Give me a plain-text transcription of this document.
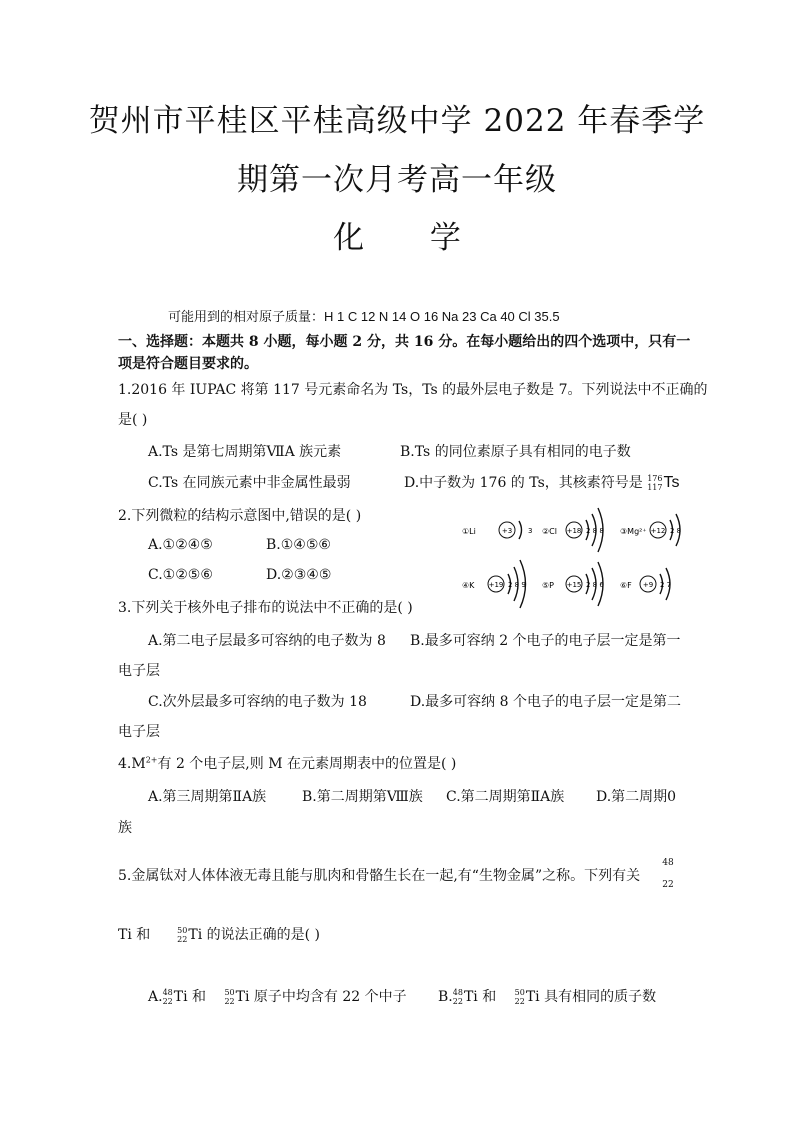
贺州市平桂区平桂高级中学 2022 年春季学
期第一次月考高一年级
化 学
可能用到的相对原子质量：H 1 C 12 N 14 O 16 Na 23 Ca 40 Cl 35.5
一、选择题：本题共 8 小题，每小题 2 分，共 16 分。在每小题给出的四个选项中，只有一
项是符合题目要求的。
1.2016 年 IUPAC 将第 117 号元素命名为 Ts，Ts 的最外层电子数是 7。下列说法中不正确的
是( )
A.Ts 是第七周期第ⅦA 族元素	B.Ts 的同位素原子具有相同的电子数
C.Ts 在同族元素中非金属性最弱	D.中子数为 176 的 Ts，其核素符号是 176
117 Ts
2.下列微粒的结构示意图中,错误的是( )
A.①②④⑤	B.①④⑤⑥
C.①②⑤⑥	D.②③④⑤
①Li	+3 3 ②Cl +18 2 8 8 ③Mg²⁺ +12 2 8
④K +19 2 8 9 ⑤P +15 2 8 6 ⑥F +9 2 7
3.下列关于核外电子排布的说法中不正确的是( )
A.第二电子层最多可容纳的电子数为 8 B.最多可容纳 2 个电子的电子层一定是第一
电子层
C.次外层最多可容纳的电子数为 18	D.最多可容纳 8 个电子的电子层一定是第二
电子层
$4.M^{2+}$有 2 个电子层,则 M 在元素周期表中的位置是( )
A.第三周期第ⅡA族	B.第二周期第Ⅷ族 C.第二周期第ⅡA族 D.第二周期0
族
5.金属钛对人体体液无毒且能与肌肉和骨骼生长在一起,有“生物金属”之称。下列有关
48
22
Ti 和	50
22 Ti 的说法正确的是( )
A. 48
22 Ti 和 50
22 Ti 原子中均含有 22 个中子 B. 48
22 Ti 和 50
22 Ti 具有相同的质子数
